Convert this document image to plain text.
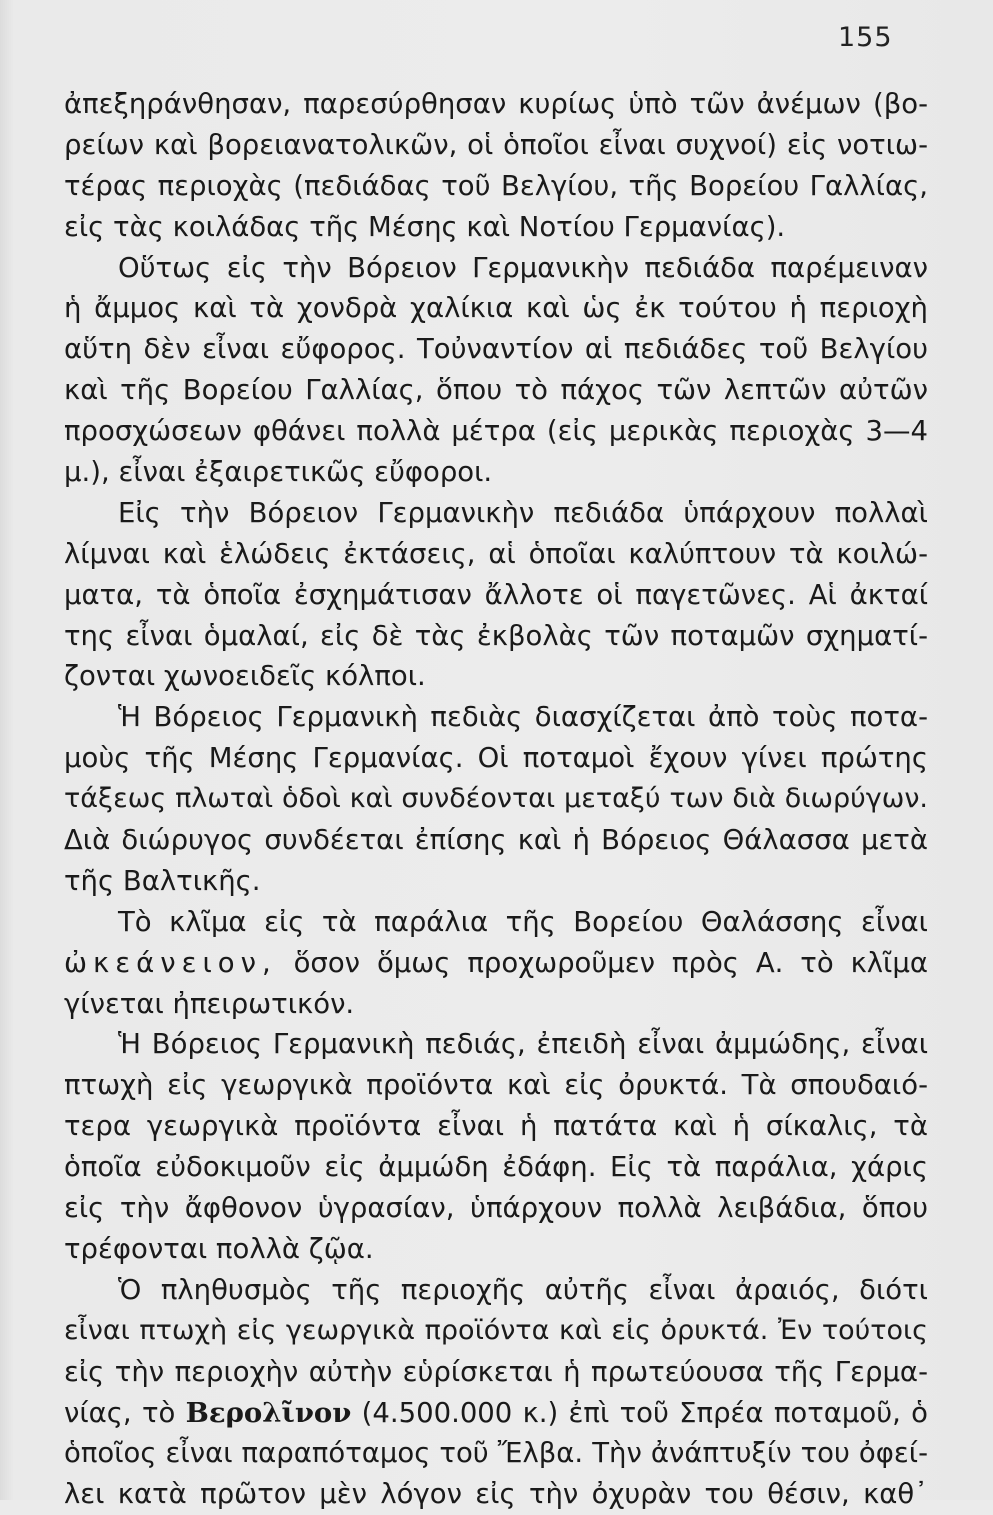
155
ἀπεξηράνθησαν, παρεσύρθησαν κυρίως ὑπὸ τῶν ἀνέμων (βο-
ρείων καὶ βορειανατολικῶν, οἱ ὁποῖοι εἶναι συχνοί) εἰς νοτιω-
τέρας περιοχὰς (πεδιάδας τοῦ Βελγίου, τῆς Βορείου Γαλλίας,
εἰς τὰς κοιλάδας τῆς Μέσης καὶ Νοτίου Γερμανίας).
Οὕτως εἰς τὴν Βόρειον Γερμανικὴν πεδιάδα παρέμειναν
ἡ ἄμμος καὶ τὰ χονδρὰ χαλίκια καὶ ὡς ἐκ τούτου ἡ περιοχὴ
αὕτη δὲν εἶναι εὔφορος. Τοὐναντίον αἱ πεδιάδες τοῦ Βελγίου
καὶ τῆς Βορείου Γαλλίας, ὅπου τὸ πάχος τῶν λεπτῶν αὐτῶν
προσχώσεων φθάνει πολλὰ μέτρα (εἰς μερικὰς περιοχὰς 3—4
μ.), εἶναι ἐξαιρετικῶς εὔφοροι.
Εἰς τὴν Βόρειον Γερμανικὴν πεδιάδα ὑπάρχουν πολλαὶ
λίμναι καὶ ἑλώδεις ἐκτάσεις, αἱ ὁποῖαι καλύπτουν τὰ κοιλώ-
ματα, τὰ ὁποῖα ἐσχημάτισαν ἄλλοτε οἱ παγετῶνες. Αἱ ἀκταί
της εἶναι ὁμαλαί, εἰς δὲ τὰς ἐκβολὰς τῶν ποταμῶν σχηματί-
ζονται χωνοειδεῖς κόλποι.
Ἡ Βόρειος Γερμανικὴ πεδιὰς διασχίζεται ἀπὸ τοὺς ποτα-
μοὺς τῆς Μέσης Γερμανίας. Οἱ ποταμοὶ ἔχουν γίνει πρώτης
τάξεως πλωταὶ ὁδοὶ καὶ συνδέονται μεταξύ των διὰ διωρύγων.
Διὰ διώρυγος συνδέεται ἐπίσης καὶ ἡ Βόρειος Θάλασσα μετὰ
τῆς Βαλτικῆς.
Τὸ κλῖμα εἰς τὰ παράλια τῆς Βορείου Θαλάσσης εἶναι
ὠκεάνειον, ὅσον ὅμως προχωροῦμεν πρὸς Α. τὸ κλῖμα
γίνεται ἠπειρωτικόν.
Ἡ Βόρειος Γερμανικὴ πεδιάς, ἐπειδὴ εἶναι ἀμμώδης, εἶναι
πτωχὴ εἰς γεωργικὰ προϊόντα καὶ εἰς ὀρυκτά. Τὰ σπουδαιό-
τερα γεωργικὰ προϊόντα εἶναι ἡ πατάτα καὶ ἡ σίκαλις, τὰ
ὁποῖα εὐδοκιμοῦν εἰς ἀμμώδη ἐδάφη. Εἰς τὰ παράλια, χάρις
εἰς τὴν ἄφθονον ὑγρασίαν, ὑπάρχουν πολλὰ λειβάδια, ὅπου
τρέφονται πολλὰ ζῷα.
Ὁ πληθυσμὸς τῆς περιοχῆς αὐτῆς εἶναι ἀραιός, διότι
εἶναι πτωχὴ εἰς γεωργικὰ προϊόντα καὶ εἰς ὀρυκτά. Ἐν τούτοις
εἰς τὴν περιοχὴν αὐτὴν εὑρίσκεται ἡ πρωτεύουσα τῆς Γερμα-
νίας, τὸ Βερολῖνον (4.500.000 κ.) ἐπὶ τοῦ Σπρέα ποταμοῦ, ὁ
ὁποῖος εἶναι παραπόταμος τοῦ Ἔλβα. Τὴν ἀνάπτυξίν του ὀφεί-
λει κατὰ πρῶτον μὲν λόγον εἰς τὴν ὀχυρὰν του θέσιν, καθ᾿
